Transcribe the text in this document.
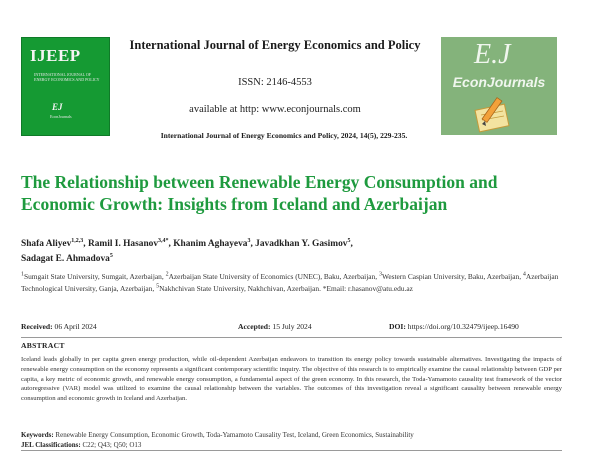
IJEEP
INTERNATIONAL JOURNAL OF ENERGY ECONOMICS AND POLICY
EJ
EconJournals
International Journal of Energy Economics and Policy
ISSN: 2146-4553
available at http: www.econjournals.com
International Journal of Energy Economics and Policy, 2024, 14(5), 229-235.
E.J
EconJournals
The Relationship between Renewable Energy Consumption and Economic Growth: Insights from Iceland and Azerbaijan
Shafa Aliyev$^{1,2,3}$, Ramil I. Hasanov$^{3,4*}$, Khanim Aghayeva$^3$, Javadkhan Y. Gasimov$^5$,
Sadagat E. Ahmadova$^5$
$^1$Sumgait State University, Sumgait, Azerbaijan, $^2$Azerbaijan State University of Economics (UNEC), Baku, Azerbaijan, $^3$Western Caspian University, Baku, Azerbaijan, $^4$Azerbaijan Technological University, Ganja, Azerbaijan, $^5$Nakhchivan State University, Nakhchivan, Azerbaijan. *Email: r.hasanov@atu.edu.az
Received: 06 April 2024	Accepted: 15 July 2024	DOI: https://doi.org/10.32479/ijeep.16490
ABSTRACT
Iceland leads globally in per capita green energy production, while oil-dependent Azerbaijan endeavors to transition its energy policy towards sustainable alternatives. Investigating the impacts of renewable energy consumption on the economy represents a significant contemporary scientific inquiry. The objective of this research is to empirically examine the causal relationship between GDP per capita, a key metric of economic growth, and renewable energy consumption, a fundamental aspect of the green economy. In this research, the Toda-Yamamoto causality test framework of the vector autoregressive (VAR) model was utilized to examine the causal relationship between the variables. The outcomes of this investigation reveal a significant causality between renewable energy consumption and economic growth in Iceland and Azerbaijan.
Keywords: Renewable Energy Consumption, Economic Growth, Toda-Yamamoto Causality Test, Iceland, Green Economics, Sustainability
JEL Classifications: C22; Q43; Q50; O13
